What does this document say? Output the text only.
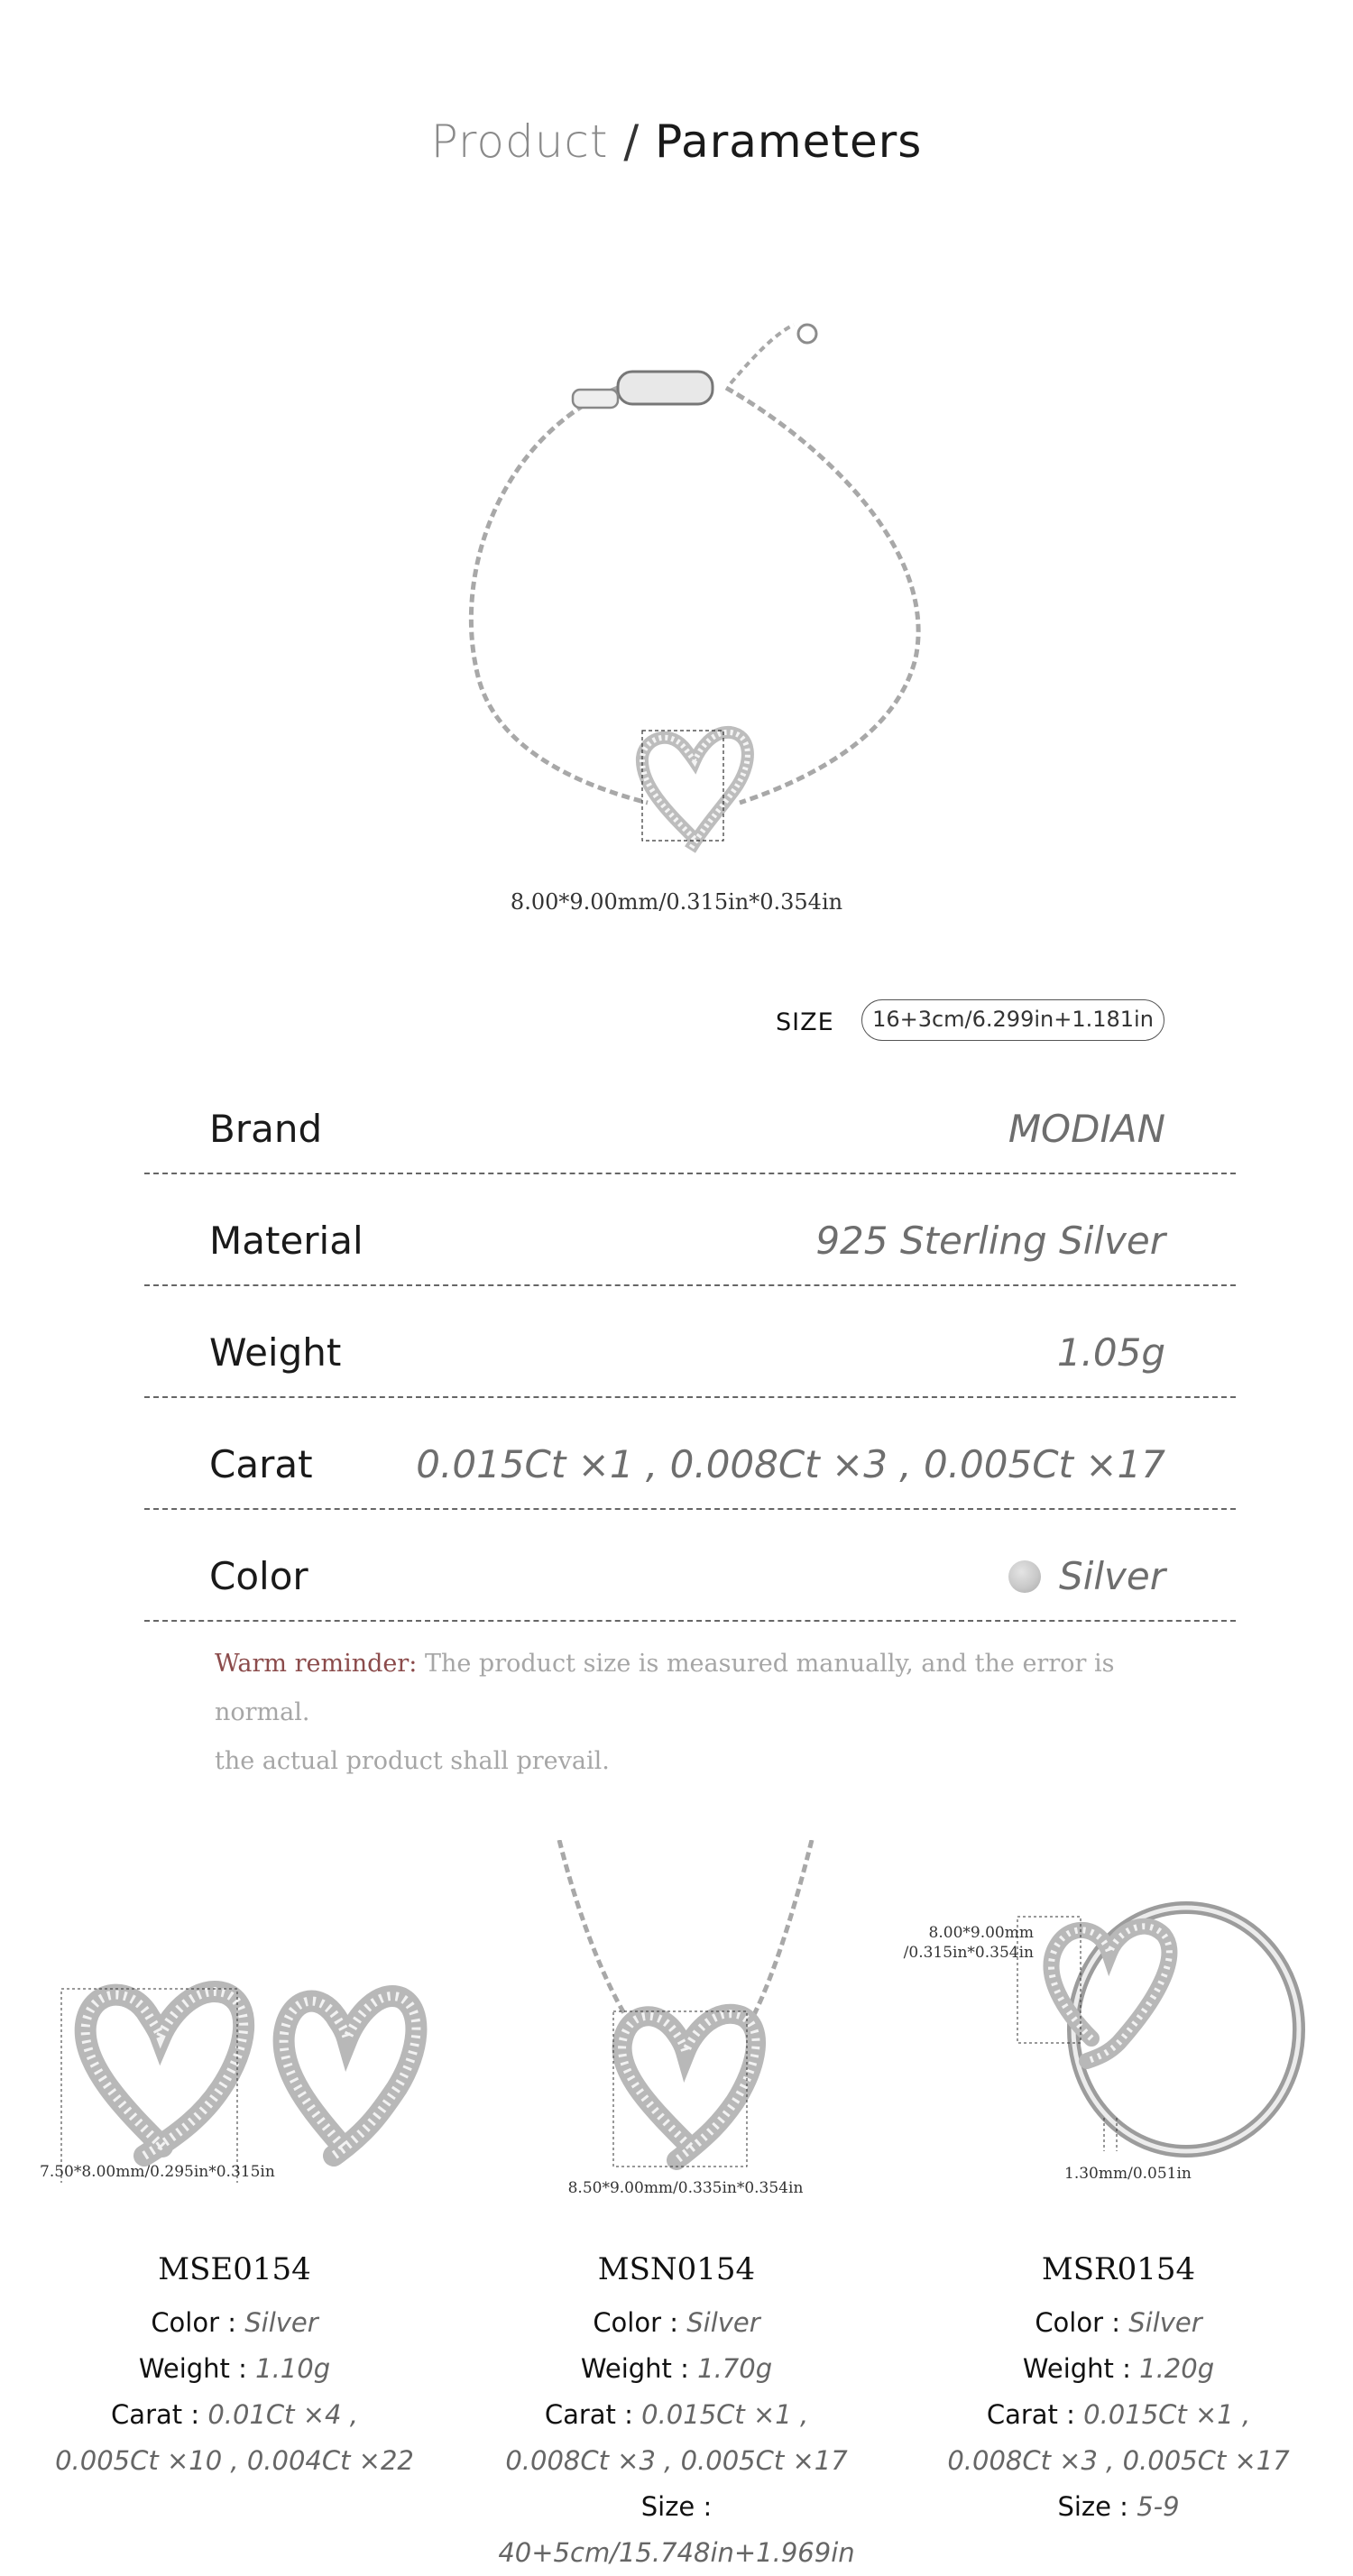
Product / Parameters
8.00*9.00mm/0.315in*0.354in
SIZE	16+3cm/6.299in+1.181in
Brand	MODIAN
Material	925 Sterling Silver
Weight	1.05g
Carat	0.015Ct ×1 , 0.008Ct ×3 , 0.005Ct ×17
Color	Silver
Warm reminder: The product size is measured manually, and the error is normal.
the actual product shall prevail.
7.50*8.00mm/0.295in*0.315in
MSE0154
Color : Silver
Weight : 1.10g
Carat : 0.01Ct ×4 ,
0.005Ct ×10 , 0.004Ct ×22
8.50*9.00mm/0.335in*0.354in
MSN0154
Color : Silver
Weight : 1.70g
Carat : 0.015Ct ×1 ,
0.008Ct ×3 , 0.005Ct ×17
Size : 40+5cm/15.748in+1.969in
8.00*9.00mm
/0.315in*0.354in
1.30mm/0.051in
MSR0154
Color : Silver
Weight : 1.20g
Carat : 0.015Ct ×1 ,
0.008Ct ×3 , 0.005Ct ×17
Size : 5-9
